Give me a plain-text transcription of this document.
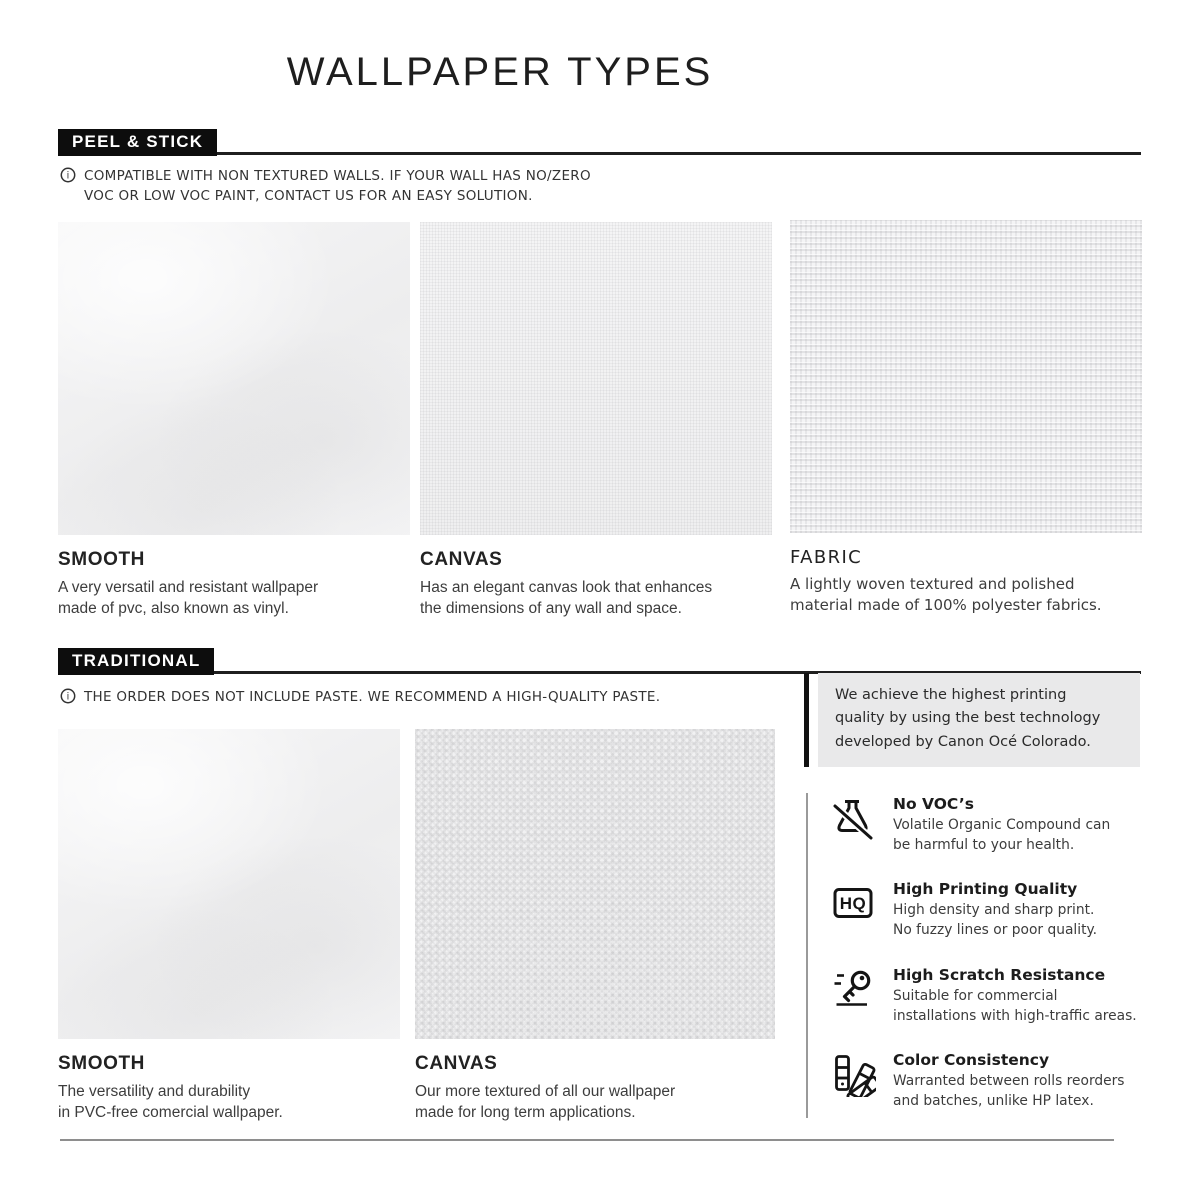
WALLPAPER TYPES
PEEL & STICK
i COMPATIBLE WITH NON TEXTURED WALLS. IF YOUR WALL HAS NO/ZERO
VOC OR LOW VOC PAINT, CONTACT US FOR AN EASY SOLUTION.
SMOOTH
A very versatil and resistant wallpaper
made of pvc, also known as vinyl.
CANVAS
Has an elegant canvas look that enhances
the dimensions of any wall and space.
FABRIC
A lightly woven textured and polished
material made of 100% polyester fabrics.
TRADITIONAL
i THE ORDER DOES NOT INCLUDE PASTE. WE RECOMMEND A HIGH-QUALITY PASTE.
SMOOTH
The versatility and durability
in PVC-free comercial wallpaper.
CANVAS
Our more textured of all our wallpaper
made for long term applications.
We achieve the highest printing
quality by using the best technology
developed by Canon Océ Colorado.
No VOC’s
Volatile Organic Compound can
be harmful to your health.
HQ
High Printing Quality
High density and sharp print.
No fuzzy lines or poor quality.
High Scratch Resistance
Suitable for commercial
installations with high-traffic areas.
Color Consistency
Warranted between rolls reorders
and batches, unlike HP latex.
